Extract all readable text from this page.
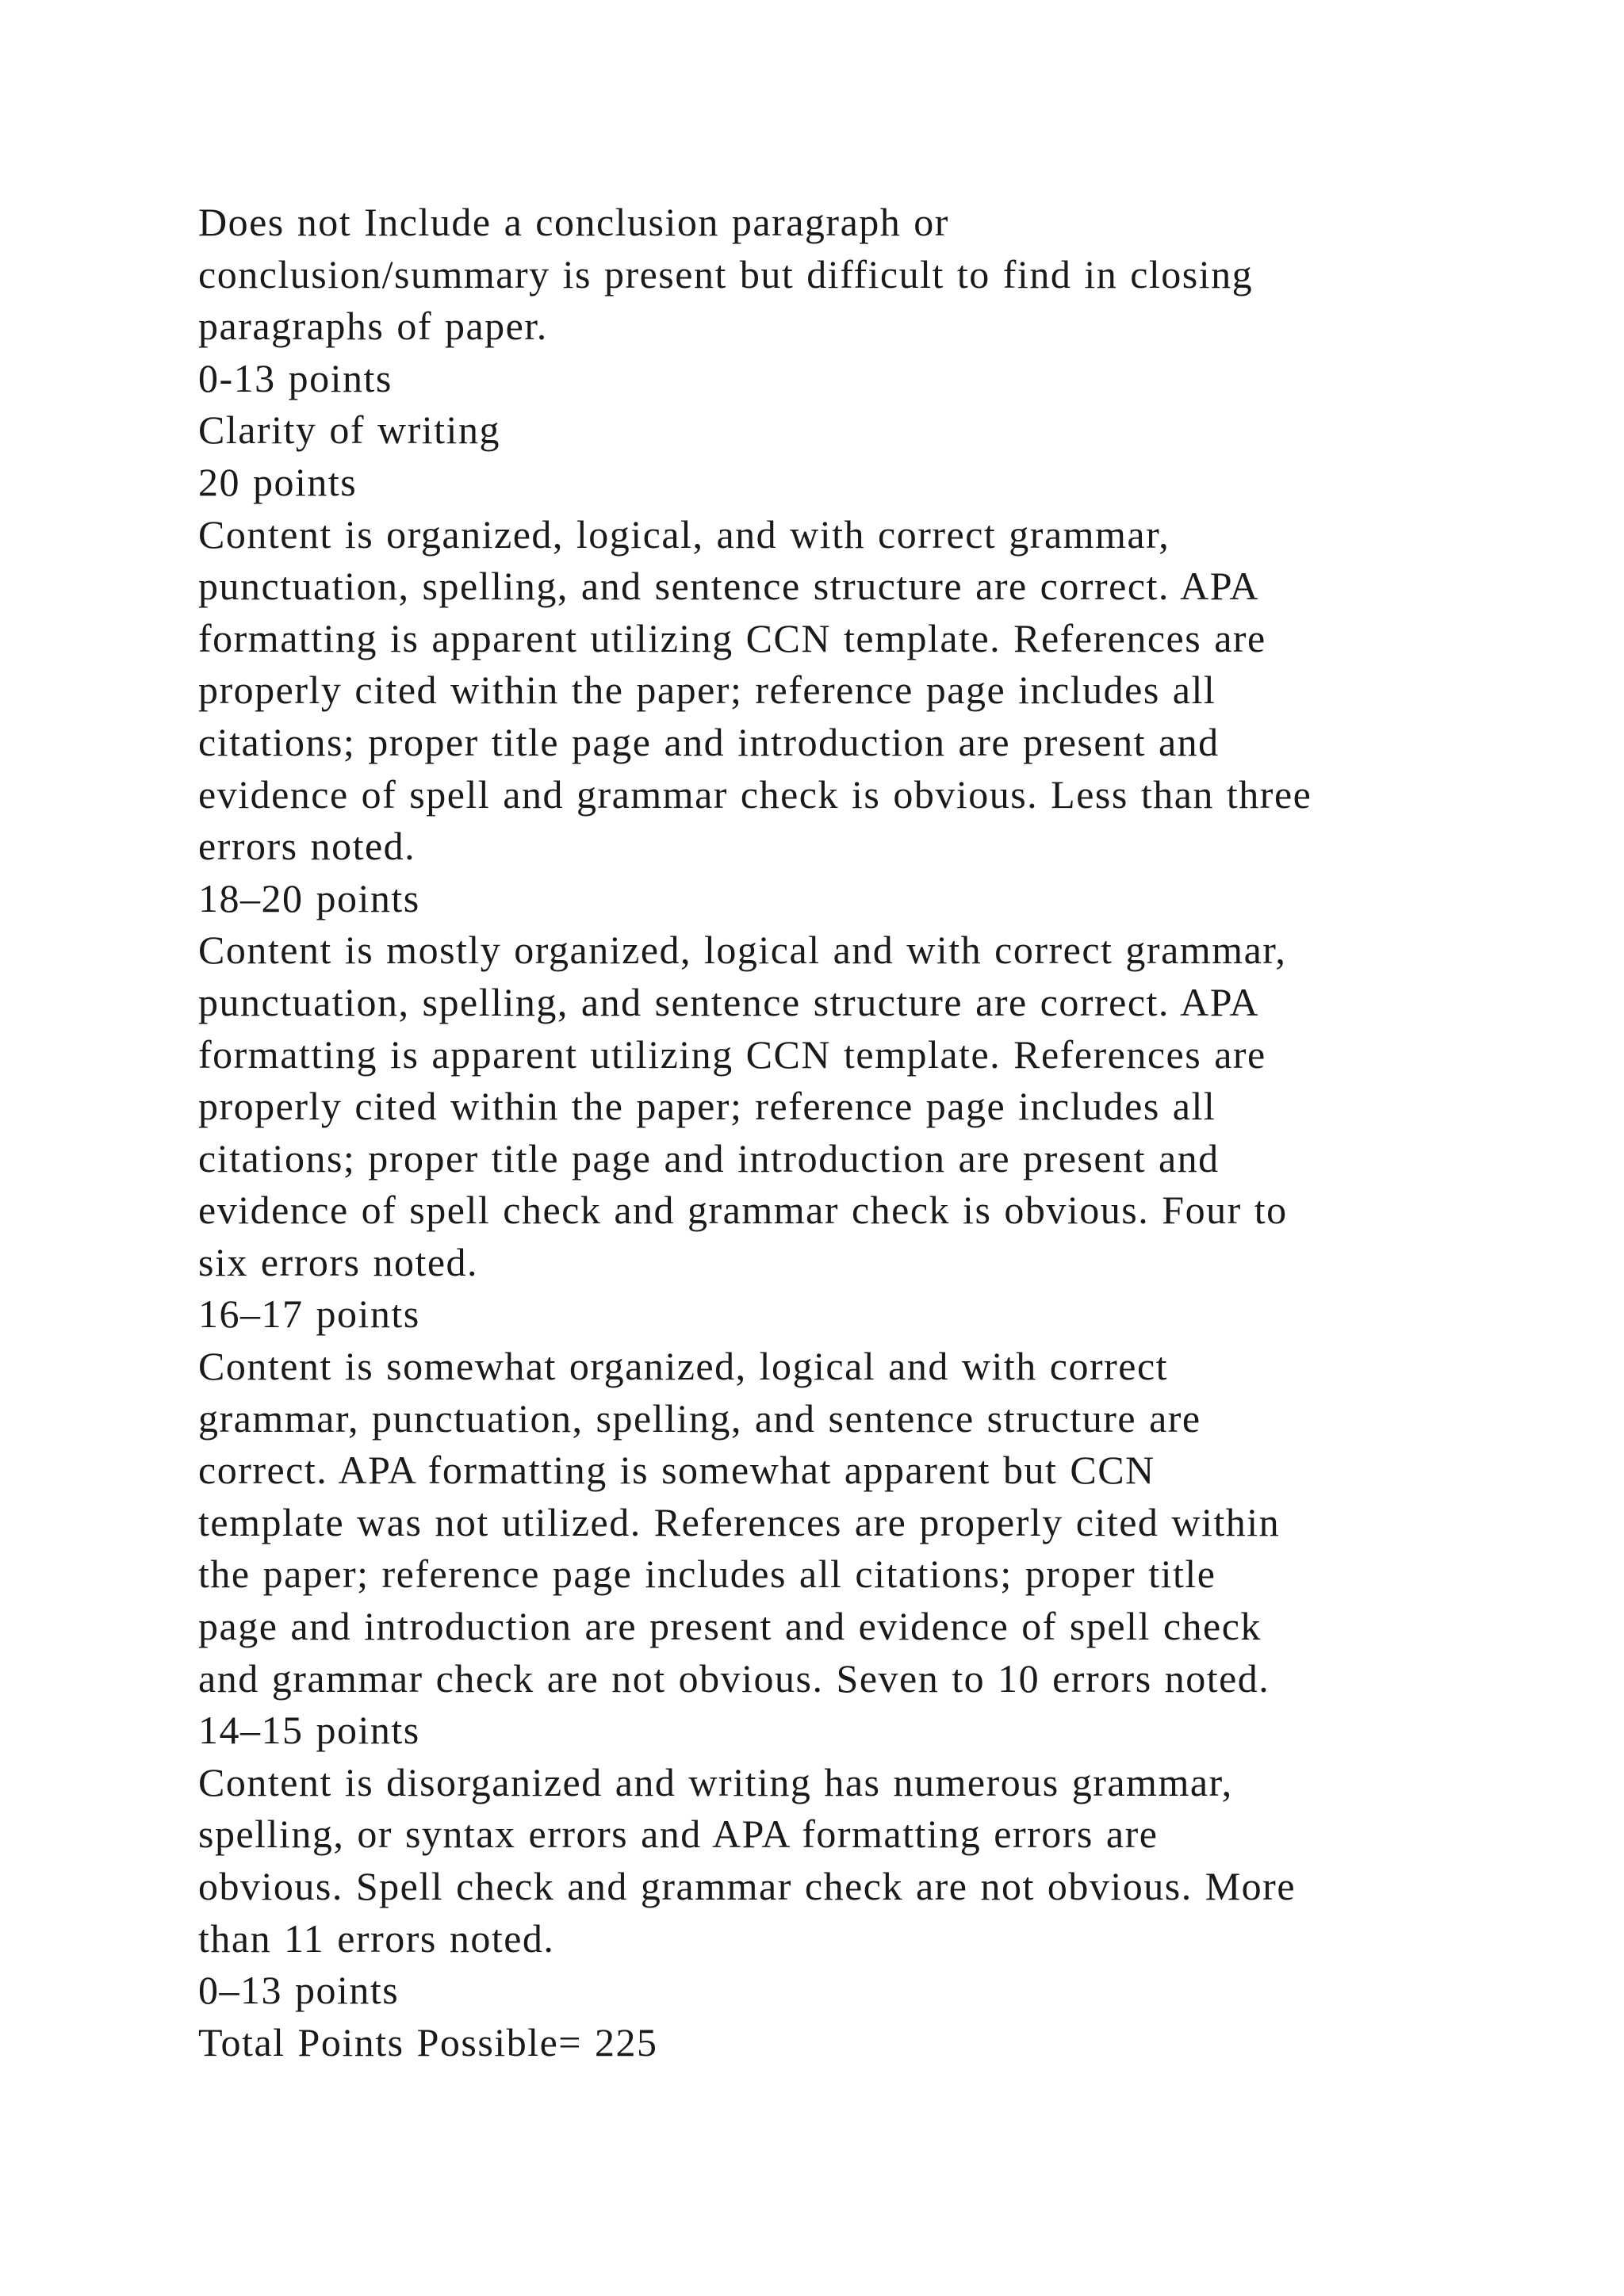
Does not Include a conclusion paragraph or
conclusion/summary is present but difficult to find in closing
paragraphs of paper.
0-13 points
Clarity of writing
20 points
Content is organized, logical, and with correct grammar,
punctuation, spelling, and sentence structure are correct. APA
formatting is apparent utilizing CCN template. References are
properly cited within the paper; reference page includes all
citations; proper title page and introduction are present and
evidence of spell and grammar check is obvious. Less than three
errors noted.
18–20 points
Content is mostly organized, logical and with correct grammar,
punctuation, spelling, and sentence structure are correct. APA
formatting is apparent utilizing CCN template. References are
properly cited within the paper; reference page includes all
citations; proper title page and introduction are present and
evidence of spell check and grammar check is obvious. Four to
six errors noted.
16–17 points
Content is somewhat organized, logical and with correct
grammar, punctuation, spelling, and sentence structure are
correct. APA formatting is somewhat apparent but CCN
template was not utilized. References are properly cited within
the paper; reference page includes all citations; proper title
page and introduction are present and evidence of spell check
and grammar check are not obvious. Seven to 10 errors noted.
14–15 points
Content is disorganized and writing has numerous grammar,
spelling, or syntax errors and APA formatting errors are
obvious. Spell check and grammar check are not obvious. More
than 11 errors noted.
0–13 points
Total Points Possible= 225
